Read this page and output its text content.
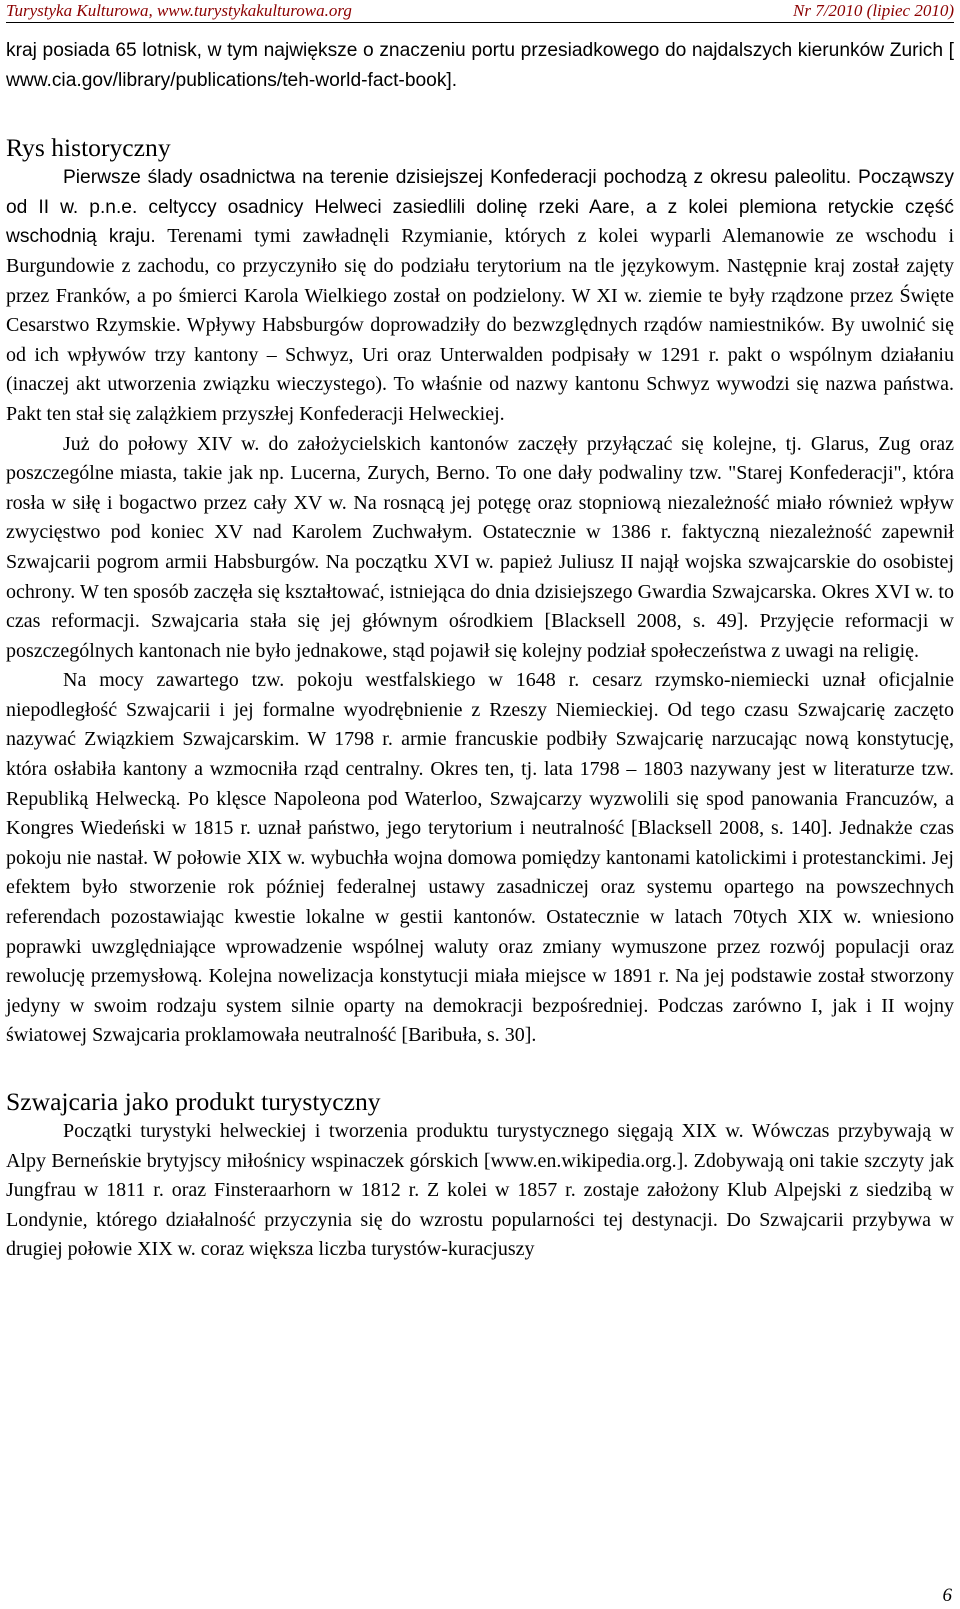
Turystyka Kulturowa, www.turystykakulturowa.org	Nr 7/2010 (lipiec 2010)

kraj posiada 65 lotnisk, w tym największe o znaczeniu portu przesiadkowego do najdalszych kierunków Zurich [ www.cia.gov/library/publications/teh-world-fact-book].

Rys historyczny

Pierwsze ślady osadnictwa na terenie dzisiejszej Konfederacji pochodzą z okresu paleolitu. Począwszy od II w. p.n.e. celtyccy osadnicy Helweci zasiedlili dolinę rzeki Aare, a z kolei plemiona retyckie część wschodnią kraju. Terenami tymi zawładnęli Rzymianie, których z kolei wyparli Alemanowie ze wschodu i Burgundowie z zachodu, co przyczyniło się do podziału terytorium na tle językowym. Następnie kraj został zajęty przez Franków, a po śmierci Karola Wielkiego został on podzielony. W XI w. ziemie te były rządzone przez Święte Cesarstwo Rzymskie. Wpływy Habsburgów doprowadziły do bezwzględnych rządów namiestników. By uwolnić się od ich wpływów trzy kantony – Schwyz, Uri oraz Unterwalden podpisały w 1291 r. pakt o wspólnym działaniu (inaczej akt utworzenia związku wieczystego). To właśnie od nazwy kantonu Schwyz wywodzi się nazwa państwa. Pakt ten stał się zalążkiem przyszłej Konfederacji Helweckiej.

Już do połowy XIV w. do założycielskich kantonów zaczęły przyłączać się kolejne, tj. Glarus, Zug oraz poszczególne miasta, takie jak np. Lucerna, Zurych, Berno. To one dały podwaliny tzw. "Starej Konfederacji", która rosła w siłę i bogactwo przez cały XV w. Na rosnącą jej potęgę oraz stopniową niezależność miało również wpływ zwycięstwo pod koniec XV nad Karolem Zuchwałym. Ostatecznie w 1386 r. faktyczną niezależność zapewnił Szwajcarii pogrom armii Habsburgów. Na początku XVI w. papież Juliusz II najął wojska szwajcarskie do osobistej ochrony. W ten sposób zaczęła się kształtować, istniejąca do dnia dzisiejszego Gwardia Szwajcarska. Okres XVI w. to czas reformacji. Szwajcaria stała się jej głównym ośrodkiem [Blacksell 2008, s. 49]. Przyjęcie reformacji w poszczególnych kantonach nie było jednakowe, stąd pojawił się kolejny podział społeczeństwa z uwagi na religię.

Na mocy zawartego tzw. pokoju westfalskiego w 1648 r. cesarz rzymsko-niemiecki uznał oficjalnie niepodległość Szwajcarii i jej formalne wyodrębnienie z Rzeszy Niemieckiej. Od tego czasu Szwajcarię zaczęto nazywać Związkiem Szwajcarskim. W 1798 r. armie francuskie podbiły Szwajcarię narzucając nową konstytucję, która osłabiła kantony a wzmocniła rząd centralny. Okres ten, tj. lata 1798 – 1803 nazywany jest w literaturze tzw. Republiką Helwecką. Po klęsce Napoleona pod Waterloo, Szwajcarzy wyzwolili się spod panowania Francuzów, a Kongres Wiedeński w 1815 r. uznał państwo, jego terytorium i neutralność [Blacksell 2008, s. 140]. Jednakże czas pokoju nie nastał. W połowie XIX w. wybuchła wojna domowa pomiędzy kantonami katolickimi i protestanckimi. Jej efektem było stworzenie rok później federalnej ustawy zasadniczej oraz systemu opartego na powszechnych referendach pozostawiając kwestie lokalne w gestii kantonów. Ostatecznie w latach 70tych XIX w. wniesiono poprawki uwzględniające wprowadzenie wspólnej waluty oraz zmiany wymuszone przez rozwój populacji oraz rewolucję przemysłową. Kolejna nowelizacja konstytucji miała miejsce w 1891 r. Na jej podstawie został stworzony jedyny w swoim rodzaju system silnie oparty na demokracji bezpośredniej. Podczas zarówno I, jak i II wojny światowej Szwajcaria proklamowała neutralność [Baribuła, s. 30].

Szwajcaria jako produkt turystyczny

Początki turystyki helweckiej i tworzenia produktu turystycznego sięgają XIX w. Wówczas przybywają w Alpy Berneńskie brytyjscy miłośnicy wspinaczek górskich [www.en.wikipedia.org.]. Zdobywają oni takie szczyty jak Jungfrau w 1811 r. oraz Finsteraarhorn w 1812 r. Z kolei w 1857 r. zostaje założony Klub Alpejski z siedzibą w Londynie, którego działalność przyczynia się do wzrostu popularności tej destynacji. Do Szwajcarii przybywa w drugiej połowie XIX w. coraz większa liczba turystów-kuracjuszy

6
